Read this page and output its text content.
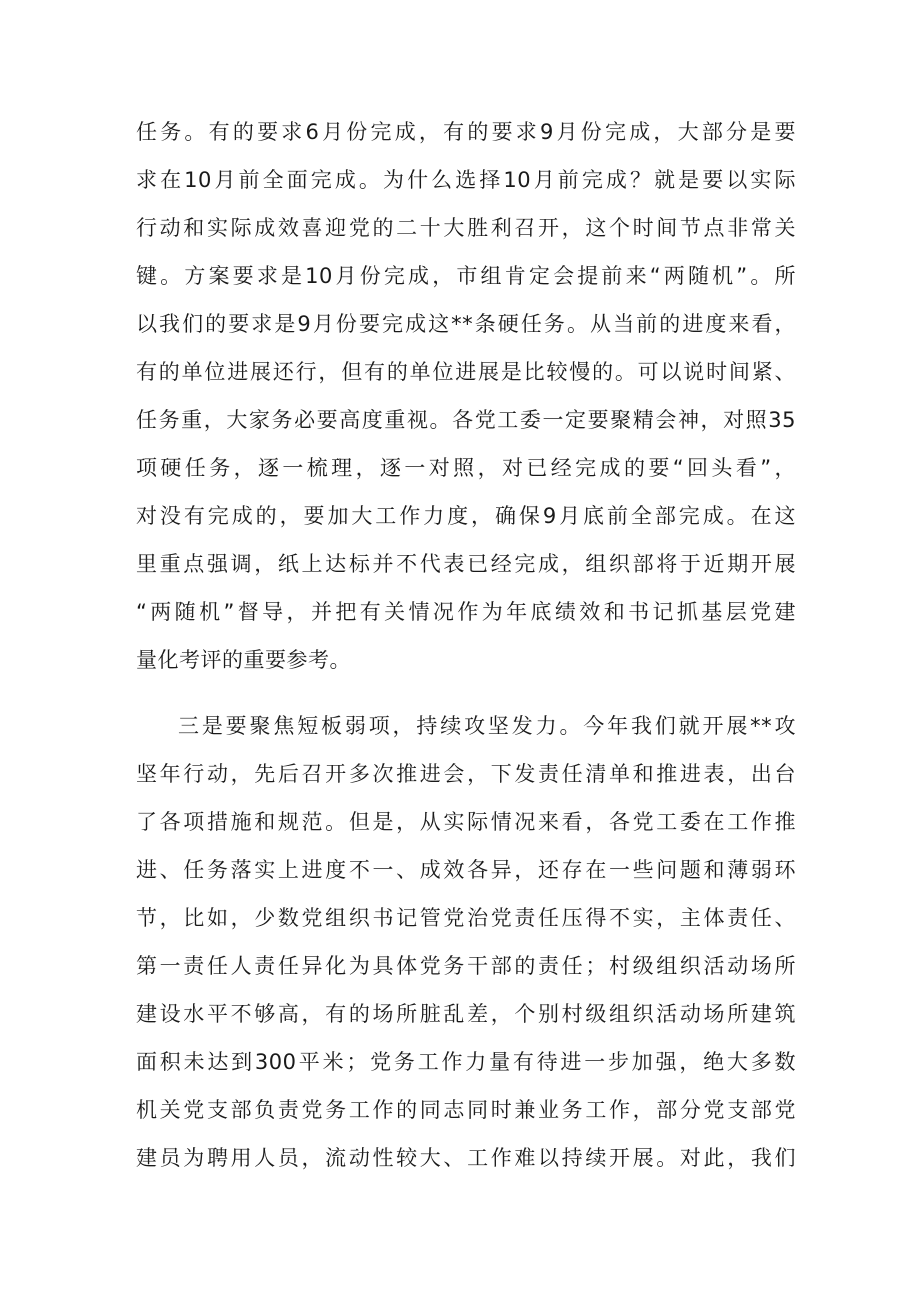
任务。有的要求6月份完成，有的要求9月份完成，大部分是要
求在10月前全面完成。为什么选择10月前完成？就是要以实际
行动和实际成效喜迎党的二十大胜利召开，这个时间节点非常关
键。方案要求是10月份完成，市组肯定会提前来“两随机”。所
以我们的要求是9月份要完成这**条硬任务。从当前的进度来看，
有的单位进展还行，但有的单位进展是比较慢的。可以说时间紧、
任务重，大家务必要高度重视。各党工委一定要聚精会神，对照35
项硬任务，逐一梳理，逐一对照，对已经完成的要“回头看”，
对没有完成的，要加大工作力度，确保9月底前全部完成。在这
里重点强调，纸上达标并不代表已经完成，组织部将于近期开展
“两随机”督导，并把有关情况作为年底绩效和书记抓基层党建
量化考评的重要参考。
三是要聚焦短板弱项，持续攻坚发力。今年我们就开展**攻
坚年行动，先后召开多次推进会，下发责任清单和推进表，出台
了各项措施和规范。但是，从实际情况来看，各党工委在工作推
进、任务落实上进度不一、成效各异，还存在一些问题和薄弱环
节，比如，少数党组织书记管党治党责任压得不实，主体责任、
第一责任人责任异化为具体党务干部的责任；村级组织活动场所
建设水平不够高，有的场所脏乱差，个别村级组织活动场所建筑
面积未达到300平米；党务工作力量有待进一步加强，绝大多数
机关党支部负责党务工作的同志同时兼业务工作，部分党支部党
建员为聘用人员，流动性较大、工作难以持续开展。对此，我们
